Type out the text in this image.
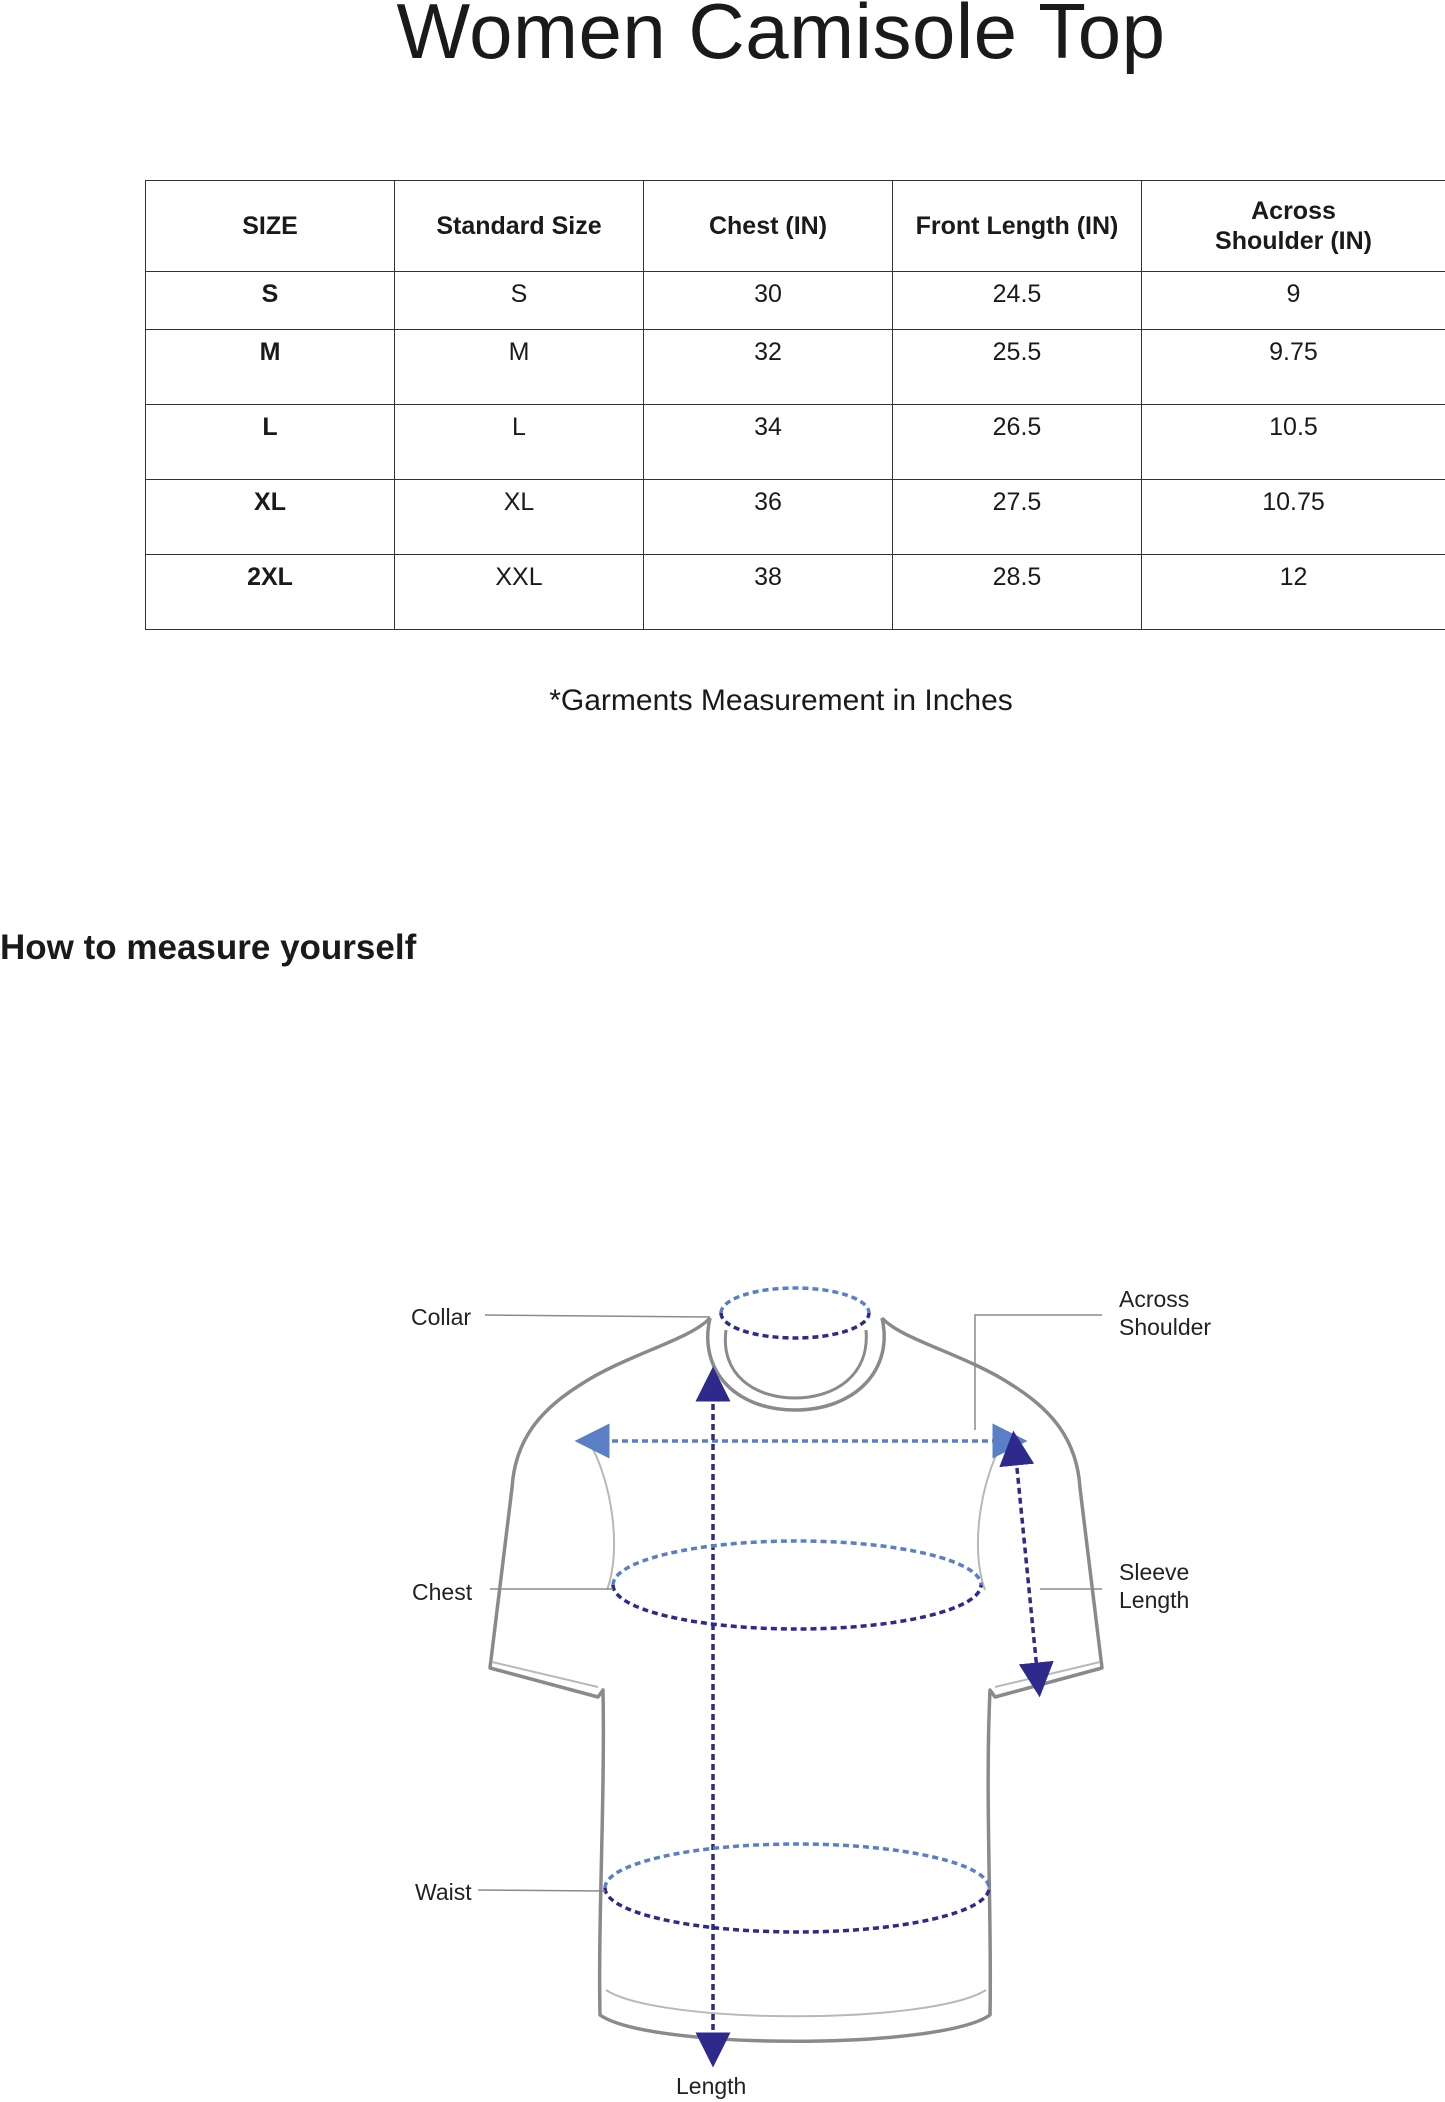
Women Camisole Top
SIZE	Standard Size	Chest (IN)	Front Length (IN)	Across Shoulder (IN)
S	S	30	24.5	9
M	M	32	25.5	9.75
L	L	34	26.5	10.5
XL	XL	36	27.5	10.75
2XL	XXL	38	28.5	12
*Garments Measurement in Inches
How to measure yourself
Collar
Across
Shoulder
Chest
Sleeve
Length
Waist
Length
